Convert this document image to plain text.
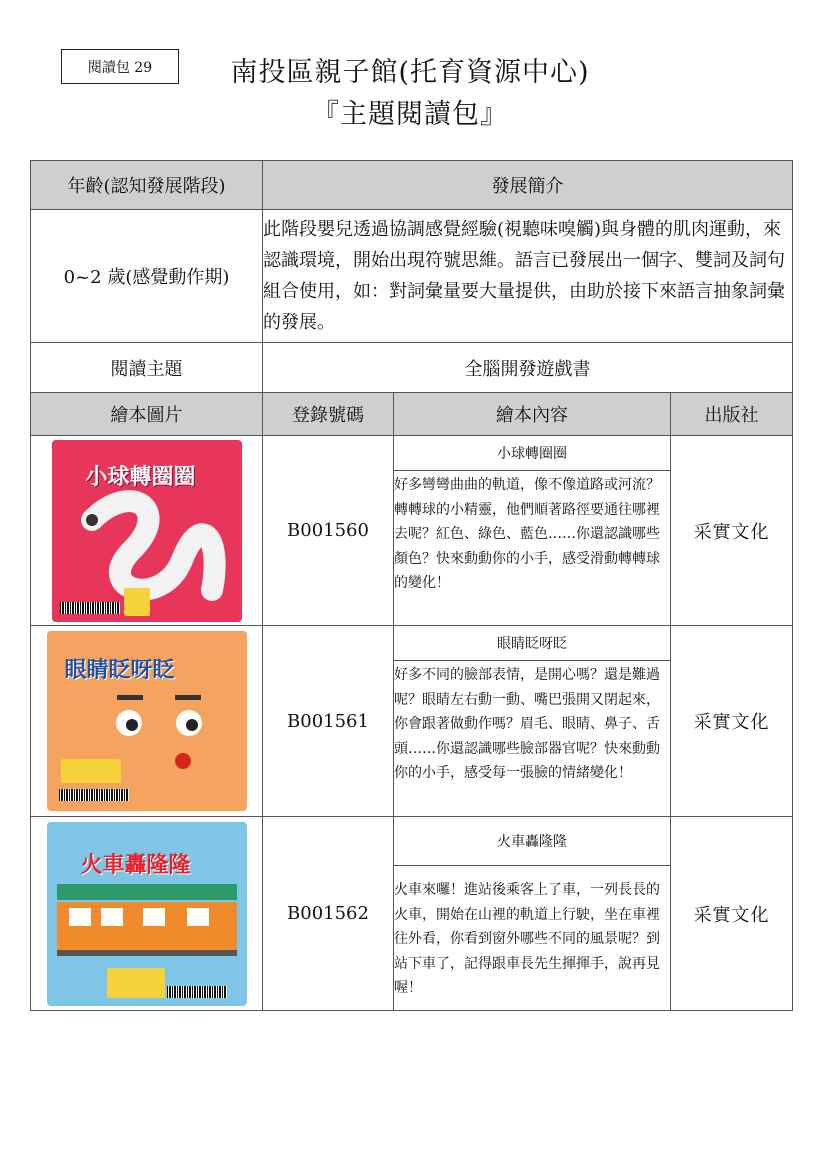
閱讀包 29	南投區親子館(托育資源中心)
『主題閱讀包』
年齡(認知發展階段)	發展簡介		
0~2 歲(感覺動作期)	此階段嬰兒透過協調感覺經驗(視聽味嗅觸)與身體的肌肉運動，來認識環境，開始出現符號思維。語言已發展出一個字、雙詞及詞句組合使用，如：對詞彙量要大量提供，由助於接下來語言抽象詞彙的發展。		
閱讀主題	全腦開發遊戲書		
繪本圖片	登錄號碼	繪本內容	出版社

小球轉圈圈	B001560	小球轉圈圈
好多彎彎曲曲的軌道，像不像道路或河流？轉轉球的小精靈，他們順著路徑要通往哪裡去呢？紅色、綠色、藍色……你還認識哪些顏色？快來動動你的小手，感受滑動轉轉球的變化！	采實文化

眼睛眨呀眨	B001561	眼睛眨呀眨
好多不同的臉部表情，是開心嗎？還是難過呢？眼睛左右動一動、嘴巴張開又閉起來，你會跟著做動作嗎？眉毛、眼睛、鼻子、舌頭……你還認識哪些臉部器官呢？快來動動你的小手，感受每一張臉的情緒變化！	采實文化

火車轟隆隆	B001562	火車轟隆隆
火車來囉！進站後乘客上了車，一列長長的火車，開始在山裡的軌道上行駛，坐在車裡往外看，你看到窗外哪些不同的風景呢？到站下車了，記得跟車長先生揮揮手，說再見喔！	采實文化
